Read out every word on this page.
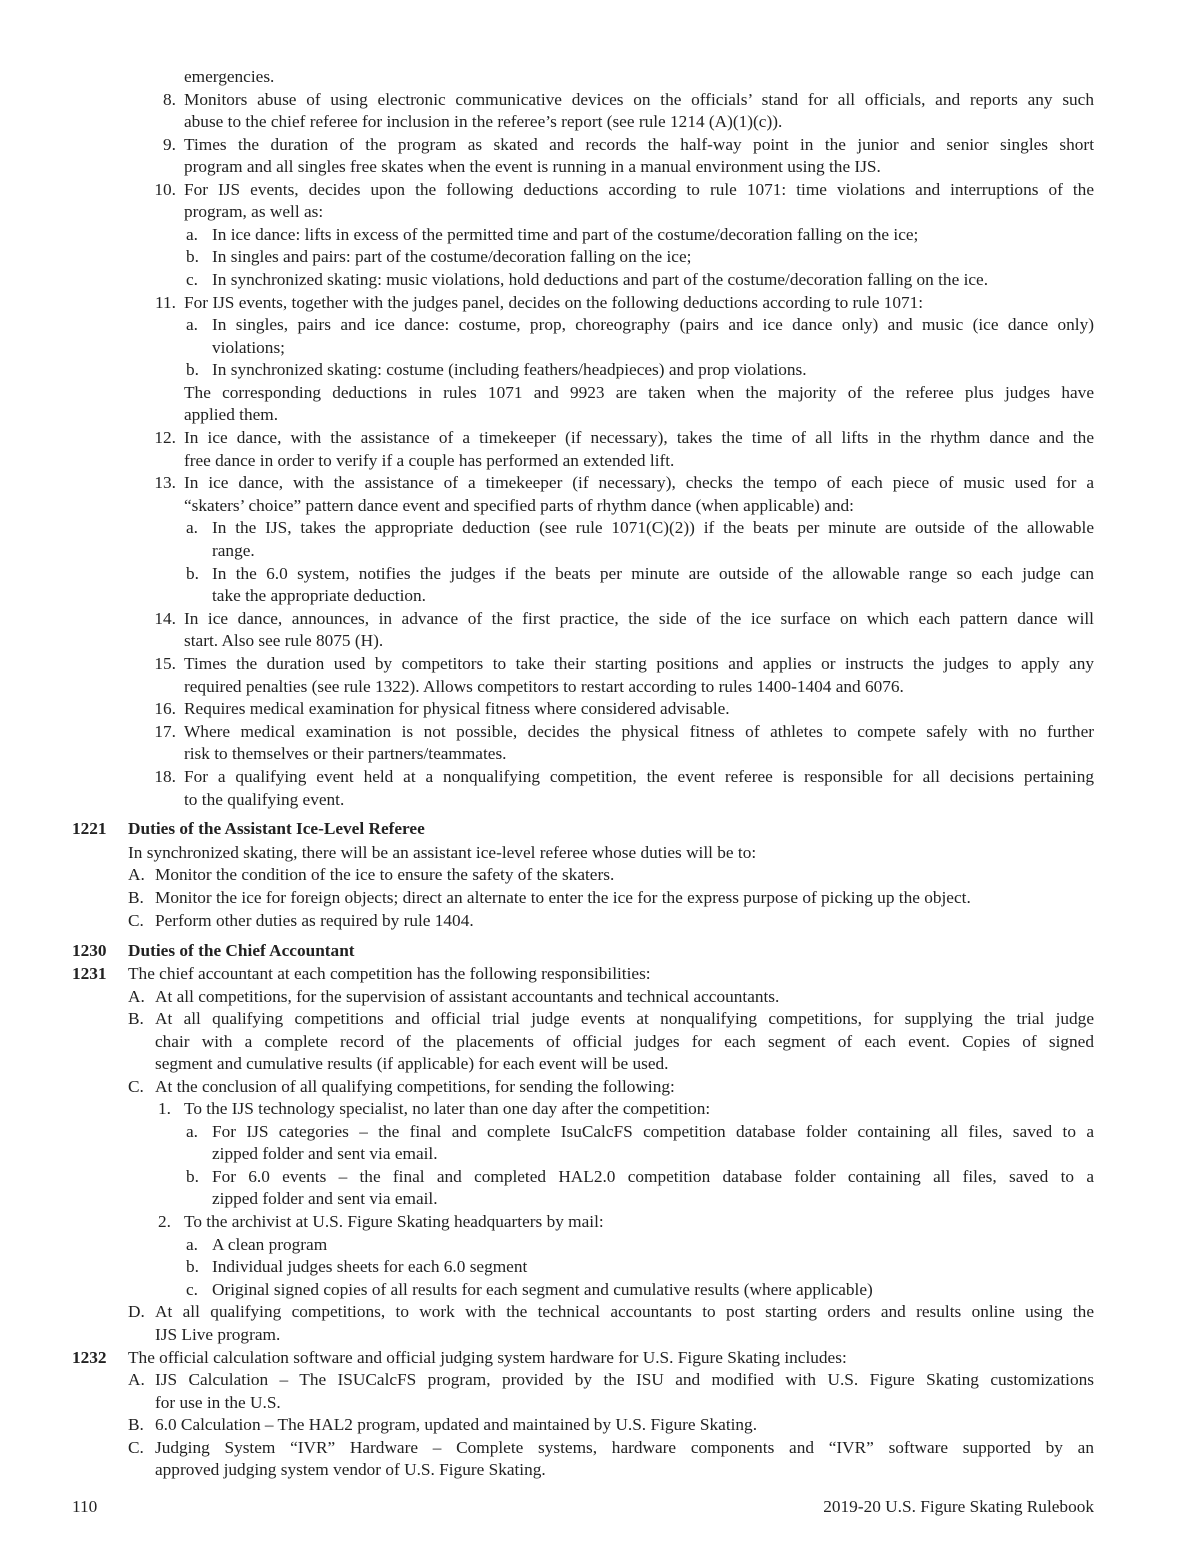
emergencies.
8. Monitors abuse of using electronic communicative devices on the officials’ stand for all officials, and reports any such
abuse to the chief referee for inclusion in the referee’s report (see rule 1214 (A)(1)(c)).
9. Times the duration of the program as skated and records the half-way point in the junior and senior singles short
program and all singles free skates when the event is running in a manual environment using the IJS.
10. For IJS events, decides upon the following deductions according to rule 1071: time violations and interruptions of the
program, as well as:
a. In ice dance: lifts in excess of the permitted time and part of the costume/decoration falling on the ice;
b. In singles and pairs: part of the costume/decoration falling on the ice;
c. In synchronized skating: music violations, hold deductions and part of the costume/decoration falling on the ice.
11. For IJS events, together with the judges panel, decides on the following deductions according to rule 1071:
a. In singles, pairs and ice dance: costume, prop, choreography (pairs and ice dance only) and music (ice dance only)
violations;
b. In synchronized skating: costume (including feathers/headpieces) and prop violations.
The corresponding deductions in rules 1071 and 9923 are taken when the majority of the referee plus judges have
applied them.
12. In ice dance, with the assistance of a timekeeper (if necessary), takes the time of all lifts in the rhythm dance and the
free dance in order to verify if a couple has performed an extended lift.
13. In ice dance, with the assistance of a timekeeper (if necessary), checks the tempo of each piece of music used for a
“skaters’ choice” pattern dance event and specified parts of rhythm dance (when applicable) and:
a. In the IJS, takes the appropriate deduction (see rule 1071(C)(2)) if the beats per minute are outside of the allowable
range.
b. In the 6.0 system, notifies the judges if the beats per minute are outside of the allowable range so each judge can
take the appropriate deduction.
14. In ice dance, announces, in advance of the first practice, the side of the ice surface on which each pattern dance will
start. Also see rule 8075 (H).
15. Times the duration used by competitors to take their starting positions and applies or instructs the judges to apply any
required penalties (see rule 1322). Allows competitors to restart according to rules 1400-1404 and 6076.
16. Requires medical examination for physical fitness where considered advisable.
17. Where medical examination is not possible, decides the physical fitness of athletes to compete safely with no further
risk to themselves or their partners/teammates.
18. For a qualifying event held at a nonqualifying competition, the event referee is responsible for all decisions pertaining
to the qualifying event.
1221 Duties of the Assistant Ice-Level Referee
In synchronized skating, there will be an assistant ice-level referee whose duties will be to:
A. Monitor the condition of the ice to ensure the safety of the skaters.
B. Monitor the ice for foreign objects; direct an alternate to enter the ice for the express purpose of picking up the object.
C. Perform other duties as required by rule 1404.
1230 Duties of the Chief Accountant
1231 The chief accountant at each competition has the following responsibilities:
A. At all competitions, for the supervision of assistant accountants and technical accountants.
B. At all qualifying competitions and official trial judge events at nonqualifying competitions, for supplying the trial judge
chair with a complete record of the placements of official judges for each segment of each event. Copies of signed
segment and cumulative results (if applicable) for each event will be used.
C. At the conclusion of all qualifying competitions, for sending the following:
1. To the IJS technology specialist, no later than one day after the competition:
a. For IJS categories – the final and complete IsuCalcFS competition database folder containing all files, saved to a
zipped folder and sent via email.
b. For 6.0 events – the final and completed HAL2.0 competition database folder containing all files, saved to a
zipped folder and sent via email.
2. To the archivist at U.S. Figure Skating headquarters by mail:
a. A clean program
b. Individual judges sheets for each 6.0 segment
c. Original signed copies of all results for each segment and cumulative results (where applicable)
D. At all qualifying competitions, to work with the technical accountants to post starting orders and results online using the
IJS Live program.
1232 The official calculation software and official judging system hardware for U.S. Figure Skating includes:
A. IJS Calculation – The ISUCalcFS program, provided by the ISU and modified with U.S. Figure Skating customizations
for use in the U.S.
B. 6.0 Calculation – The HAL2 program, updated and maintained by U.S. Figure Skating.
C. Judging System “IVR” Hardware – Complete systems, hardware components and “IVR” software supported by an
approved judging system vendor of U.S. Figure Skating.
110	2019-20 U.S. Figure Skating Rulebook
